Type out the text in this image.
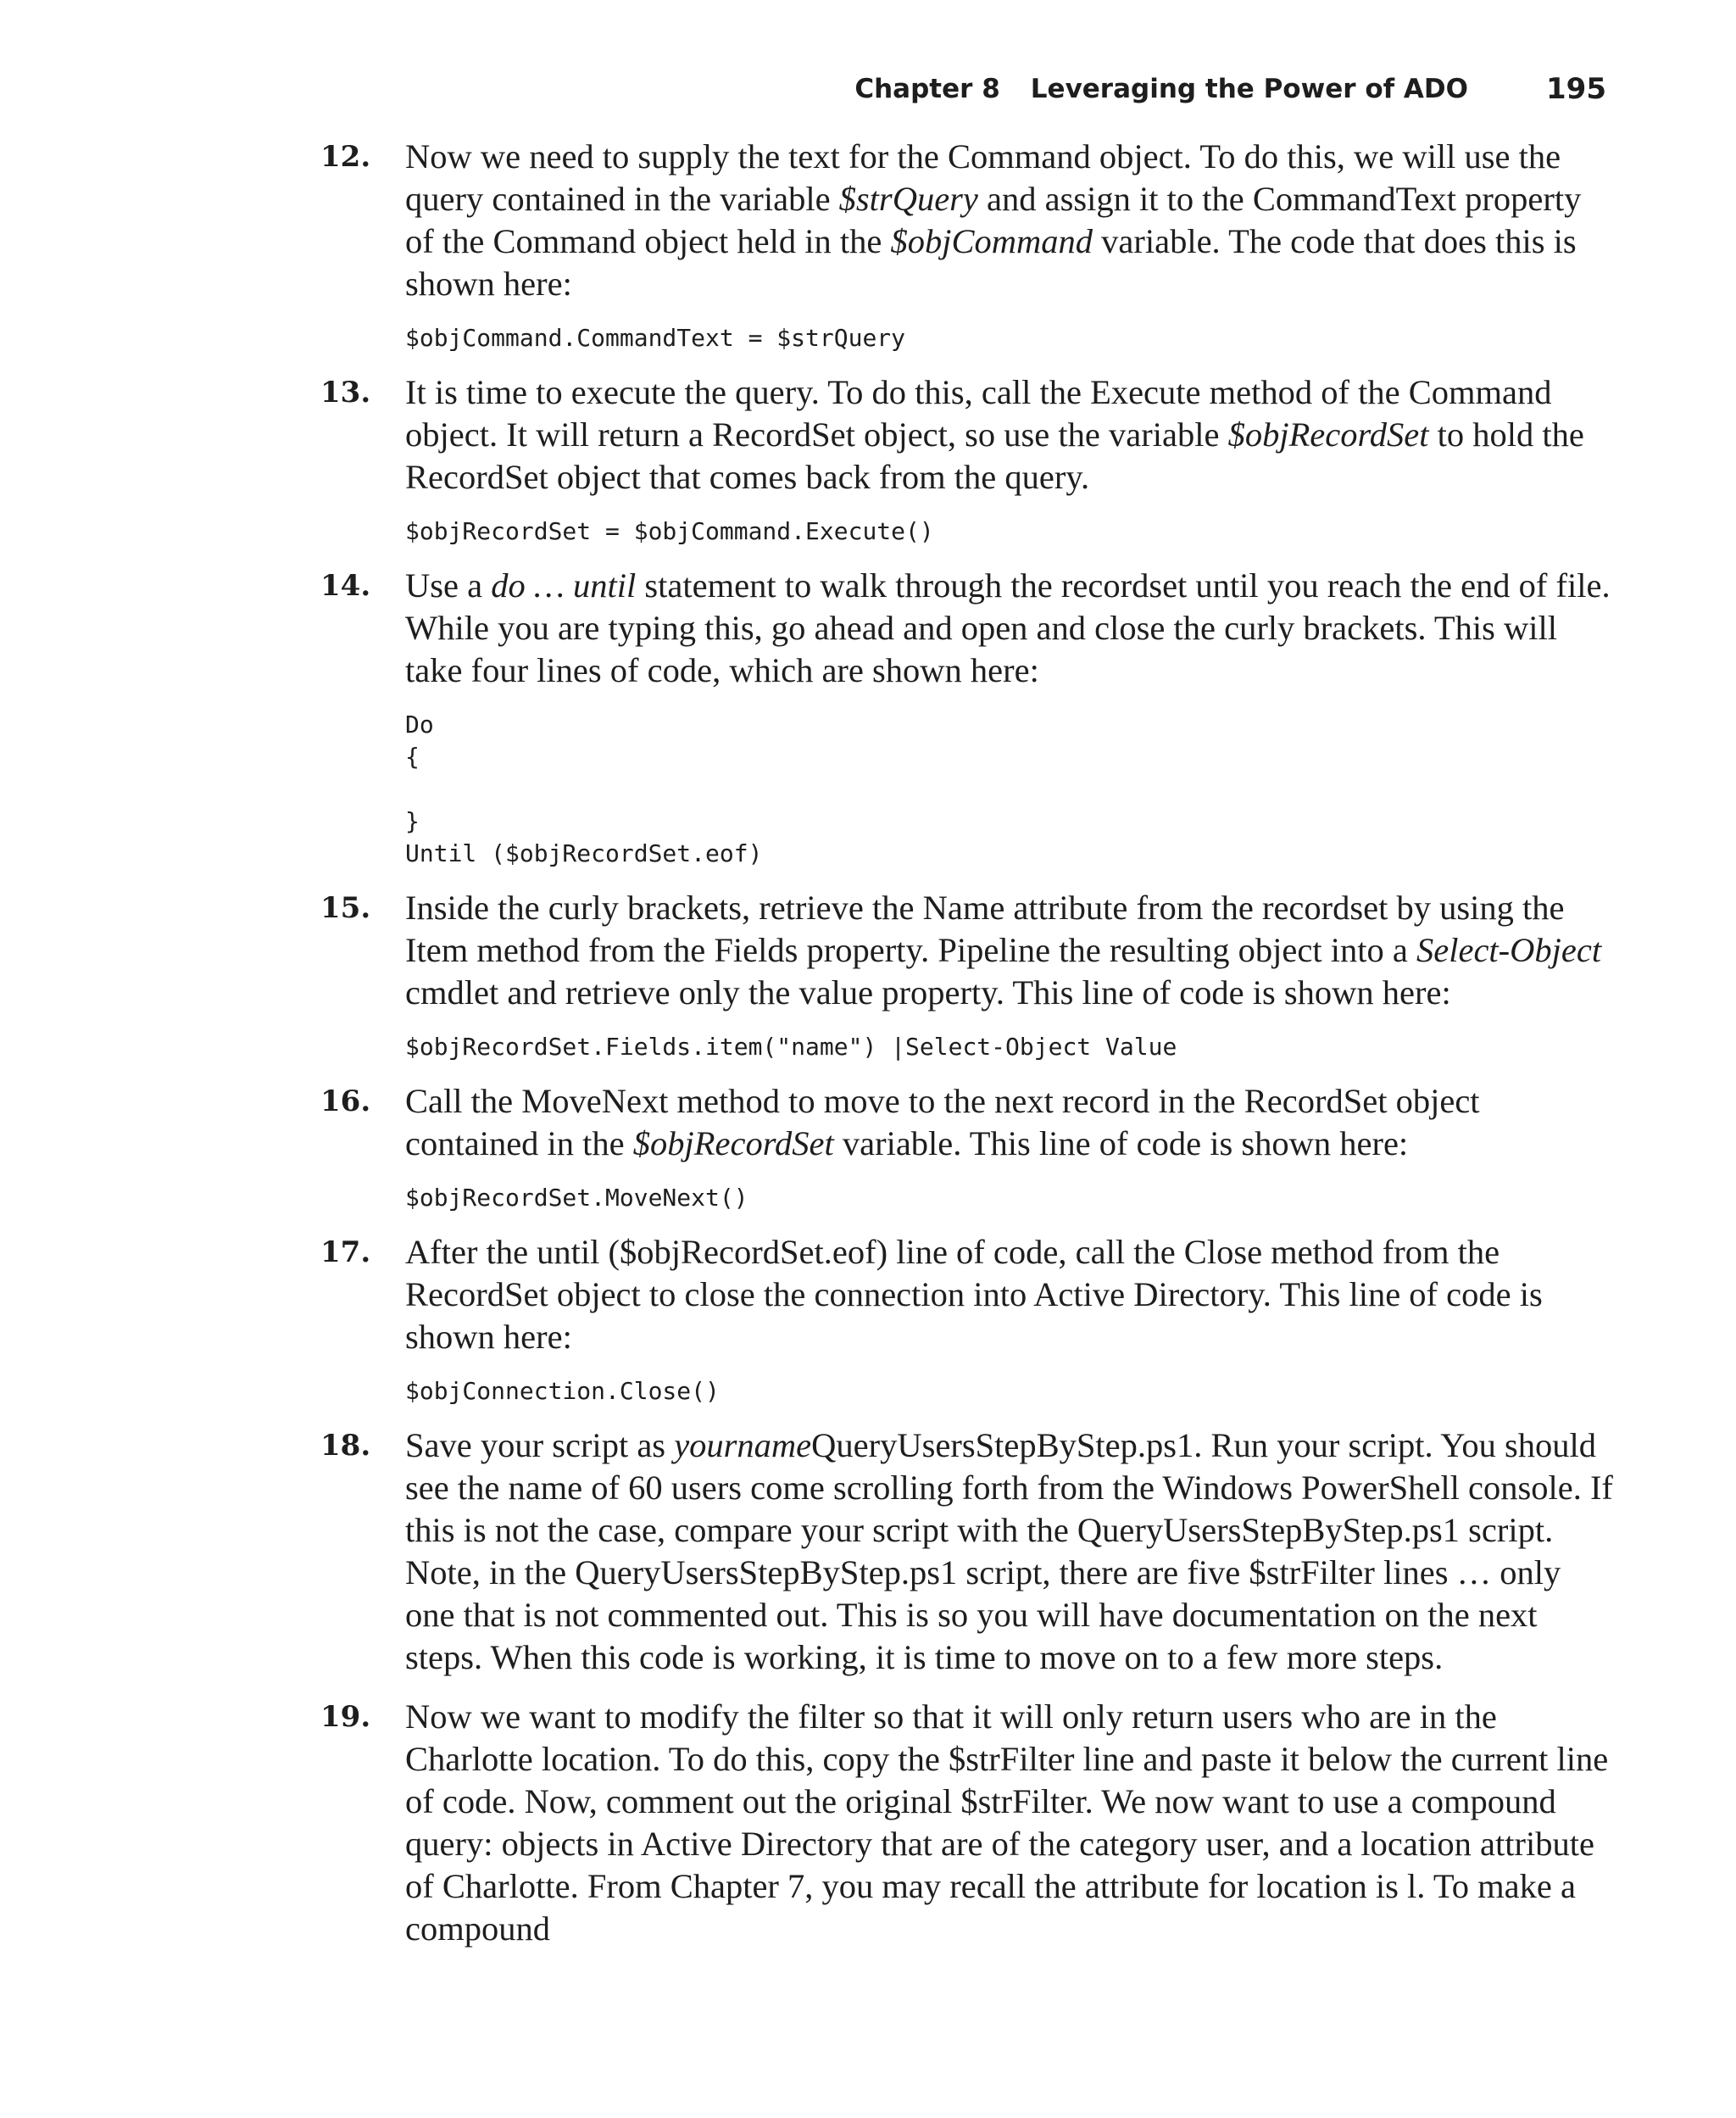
Chapter 8 Leveraging the Power of ADO	195
12. Now we need to supply the text for the Command object. To do this, we will use the query contained in the variable $strQuery and assign it to the CommandText property of the Command object held in the $objCommand variable. The code that does this is shown here:
$objCommand.CommandText = $strQuery
13. It is time to execute the query. To do this, call the Execute method of the Command object. It will return a RecordSet object, so use the variable $objRecordSet to hold the RecordSet object that comes back from the query.
$objRecordSet = $objCommand.Execute()
14. Use a do … until statement to walk through the recordset until you reach the end of file. While you are typing this, go ahead and open and close the curly brackets. This will take four lines of code, which are shown here:
Do
{
}
Until ($objRecordSet.eof)
15. Inside the curly brackets, retrieve the Name attribute from the recordset by using the Item method from the Fields property. Pipeline the resulting object into a Select-Object cmdlet and retrieve only the value property. This line of code is shown here:
$objRecordSet.Fields.item("name") |Select-Object Value
16. Call the MoveNext method to move to the next record in the RecordSet object contained in the $objRecordSet variable. This line of code is shown here:
$objRecordSet.MoveNext()
17. After the until ($objRecordSet.eof) line of code, call the Close method from the RecordSet object to close the connection into Active Directory. This line of code is shown here:
$objConnection.Close()
18. Save your script as yournameQueryUsersStepByStep.ps1. Run your script. You should see the name of 60 users come scrolling forth from the Windows PowerShell console. If this is not the case, compare your script with the QueryUsersStepByStep.ps1 script. Note, in the QueryUsersStepByStep.ps1 script, there are five $strFilter lines … only one that is not commented out. This is so you will have documentation on the next steps. When this code is working, it is time to move on to a few more steps.
19. Now we want to modify the filter so that it will only return users who are in the Charlotte location. To do this, copy the $strFilter line and paste it below the current line of code. Now, comment out the original $strFilter. We now want to use a compound query: objects in Active Directory that are of the category user, and a location attribute of Charlotte. From Chapter 7, you may recall the attribute for location is l. To make a compound
